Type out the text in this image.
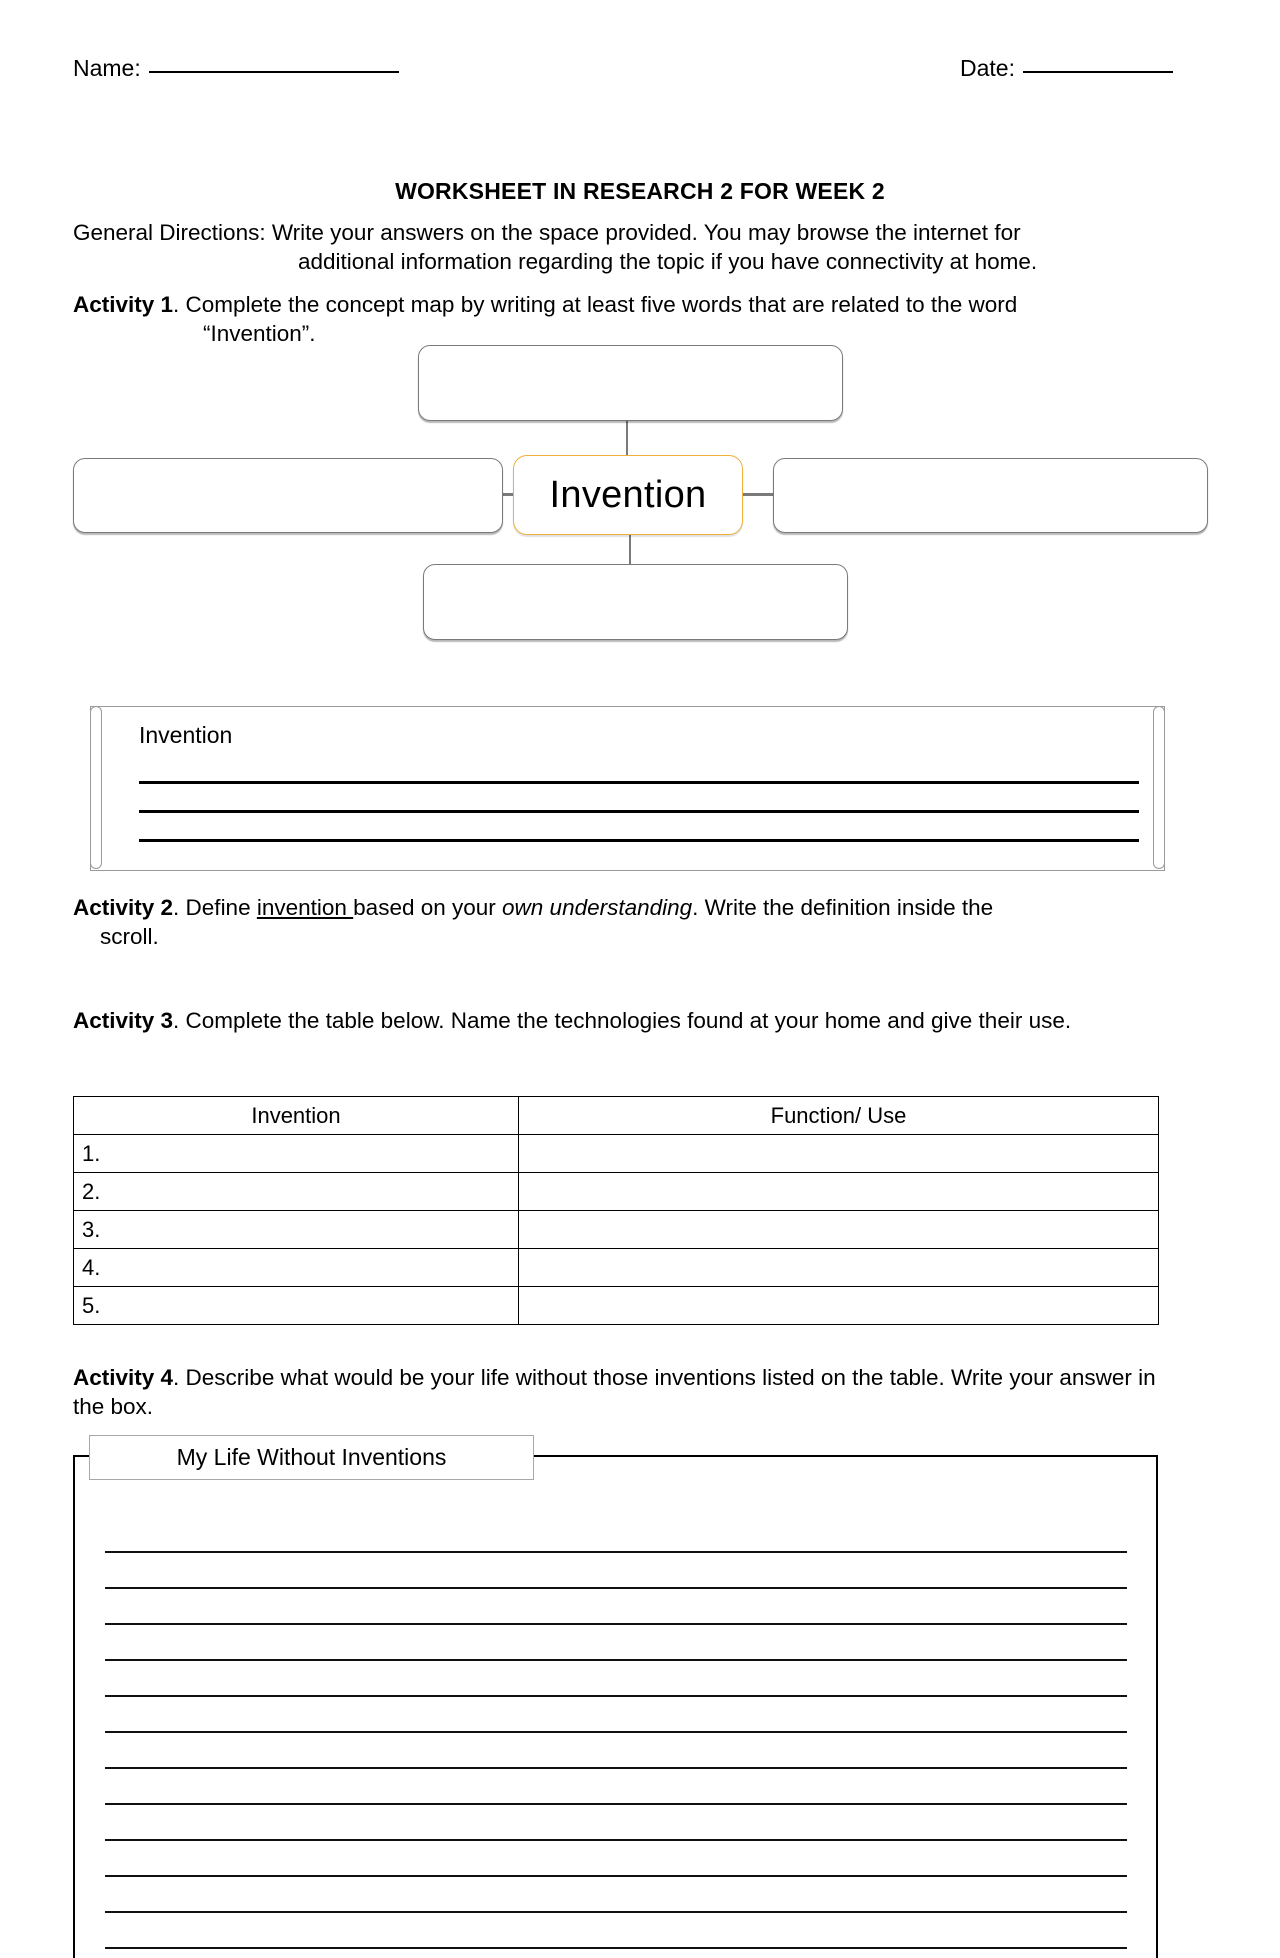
Name:	Date:
WORKSHEET IN RESEARCH 2 FOR WEEK 2
General Directions: Write your answers on the space provided. You may browse the internet for
additional information regarding the topic if you have connectivity at home.
Activity 1. Complete the concept map by writing at least five words that are related to the word
“Invention”.
Invention
Invention
Activity 2. Define invention based on your own understanding. Write the definition inside the
scroll.
Activity 3. Complete the table below. Name the technologies found at your home and give their use.
Invention	Function/ Use
1.	
2.	
3.	
4.	
5.	
Activity 4. Describe what would be your life without those inventions listed on the table. Write your answer in the box.
My Life Without Inventions
